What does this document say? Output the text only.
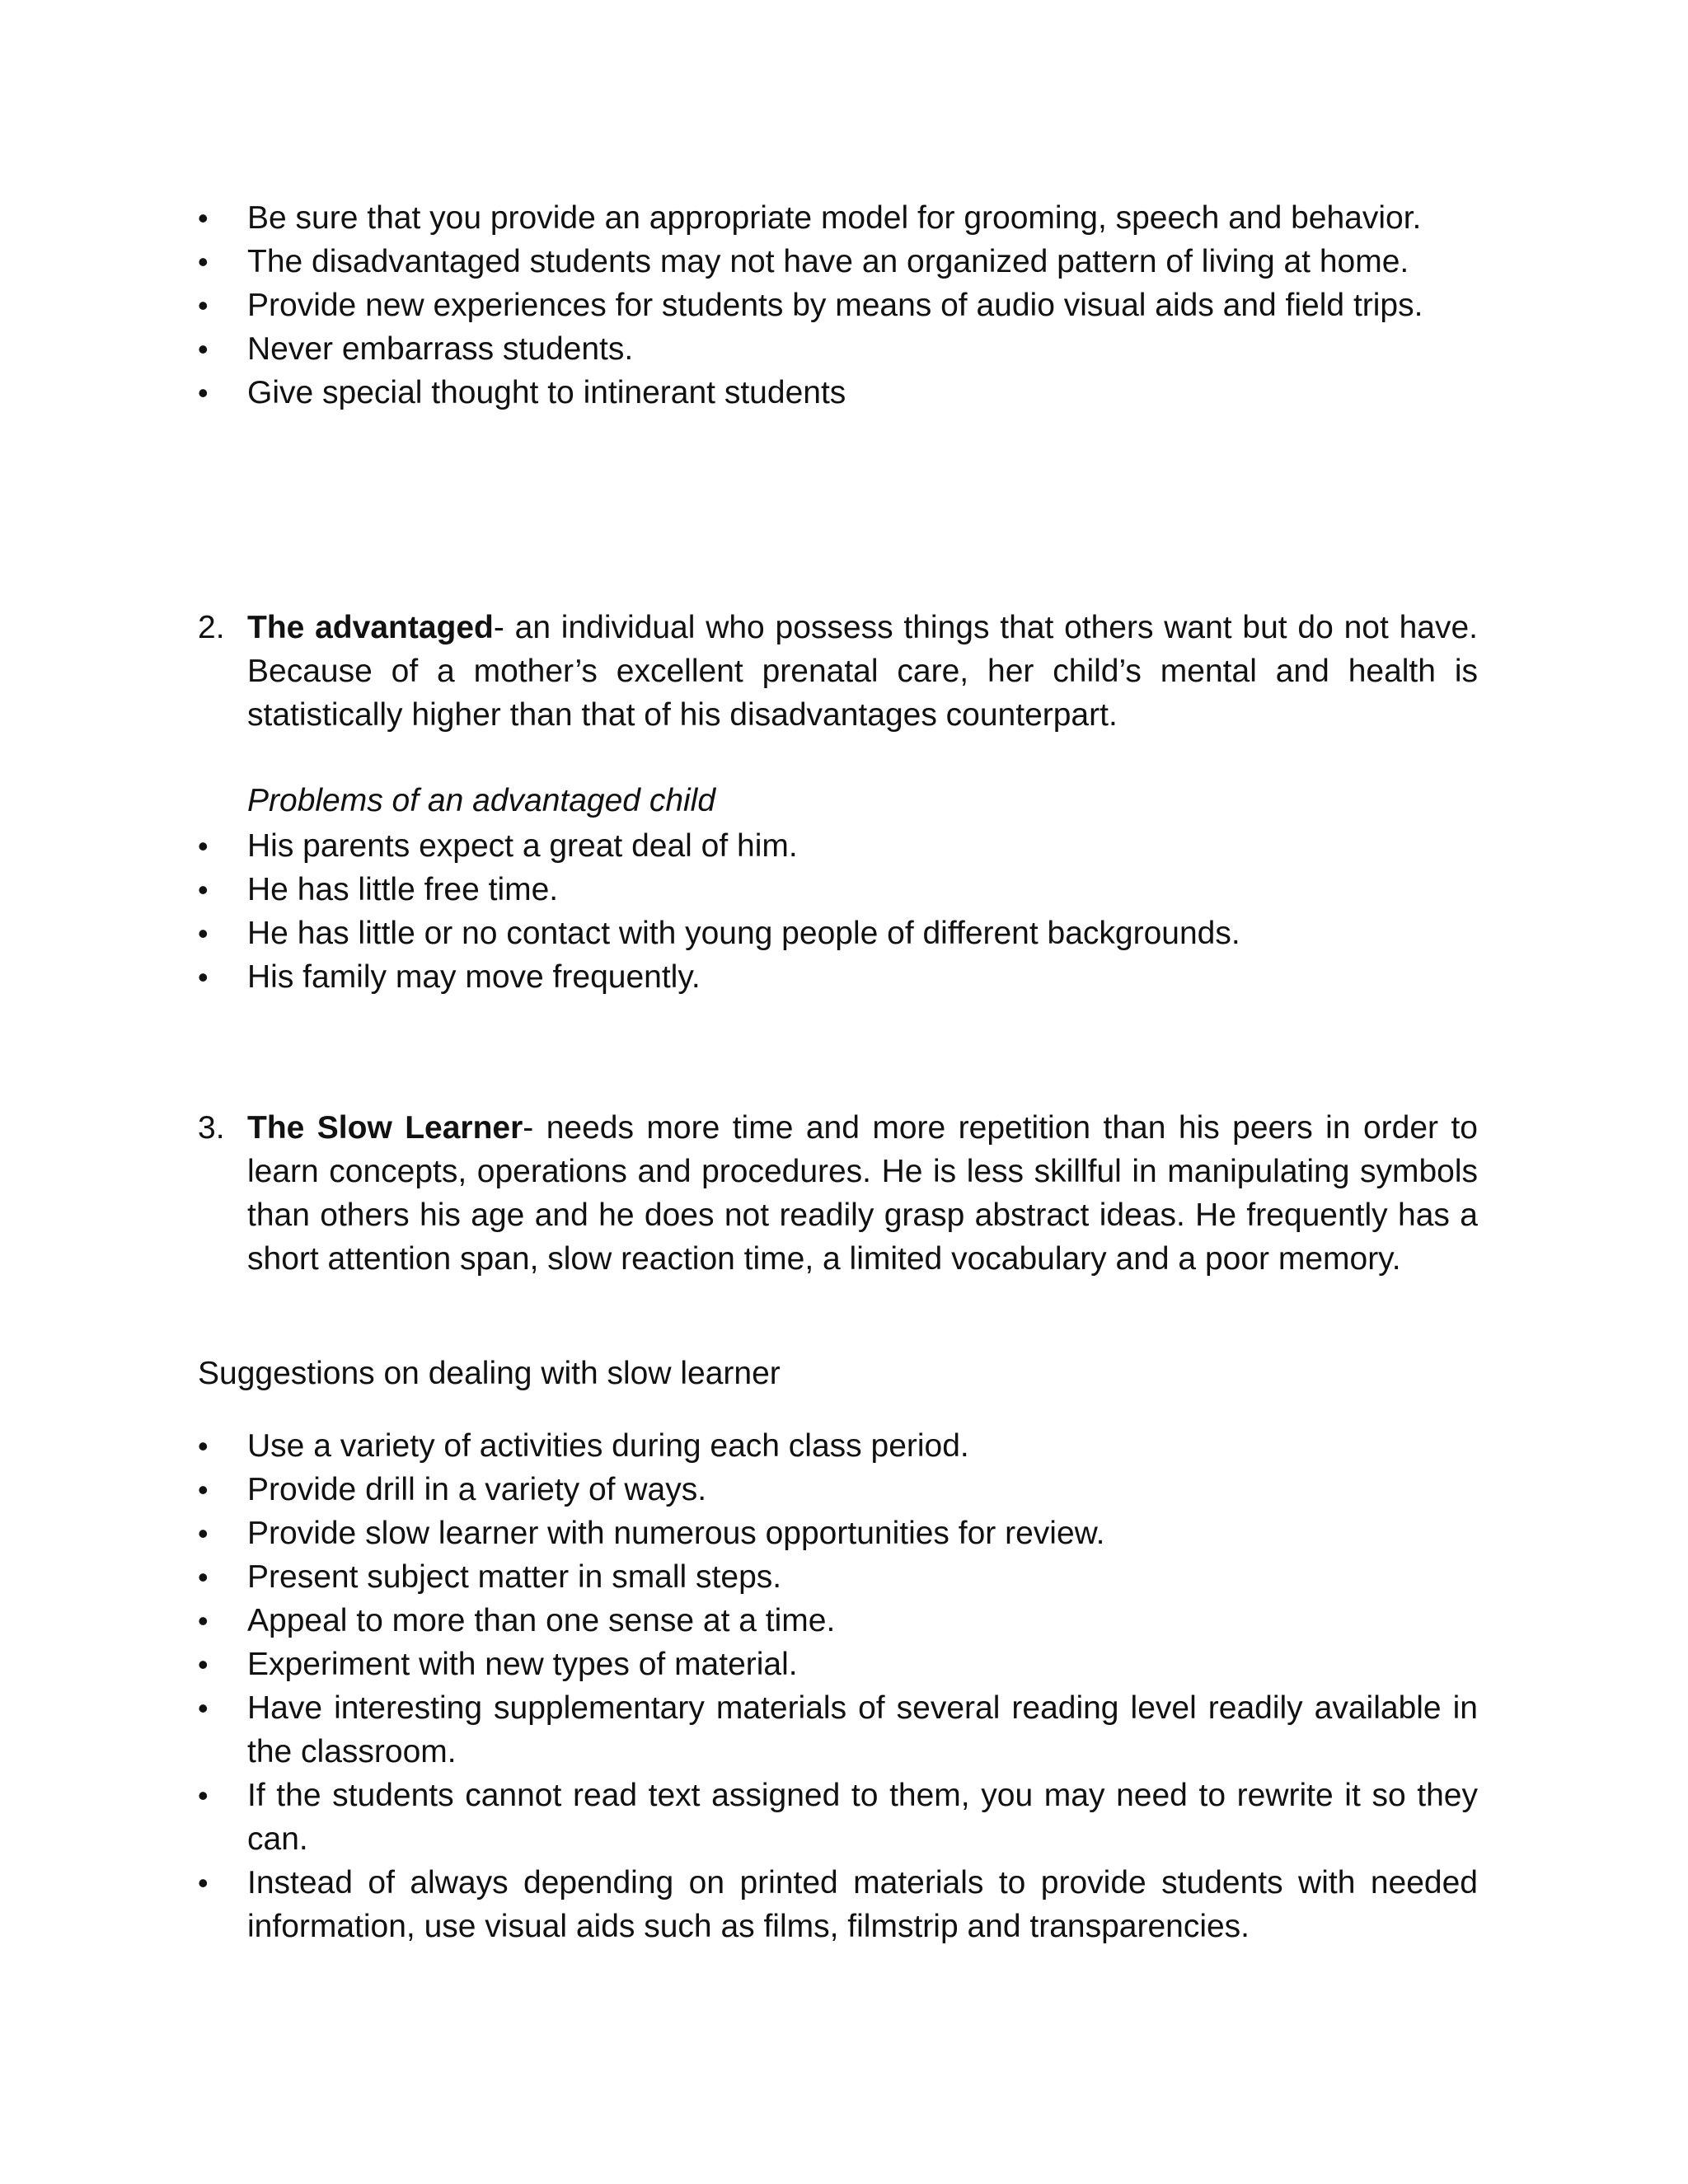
• Be sure that you provide an appropriate model for grooming, speech and behavior.
• The disadvantaged students may not have an organized pattern of living at home.
• Provide new experiences for students by means of audio visual aids and field trips.
• Never embarrass students.
• Give special thought to intinerant students
2. The advantaged- an individual who possess things that others want but do not have. Because of a mother’s excellent prenatal care, her child’s mental and health is statistically higher than that of his disadvantages counterpart.
Problems of an advantaged child
• His parents expect a great deal of him.
• He has little free time.
• He has little or no contact with young people of different backgrounds.
• His family may move frequently.
3. The Slow Learner- needs more time and more repetition than his peers in order to learn concepts, operations and procedures. He is less skillful in manipulating symbols than others his age and he does not readily grasp abstract ideas. He frequently has a short attention span, slow reaction time, a limited vocabulary and a poor memory.
Suggestions on dealing with slow learner
• Use a variety of activities during each class period.
• Provide drill in a variety of ways.
• Provide slow learner with numerous opportunities for review.
• Present subject matter in small steps.
• Appeal to more than one sense at a time.
• Experiment with new types of material.
• Have interesting supplementary materials of several reading level readily available in the classroom.
• If the students cannot read text assigned to them, you may need to rewrite it so they can.
• Instead of always depending on printed materials to provide students with needed information, use visual aids such as films, filmstrip and transparencies.
